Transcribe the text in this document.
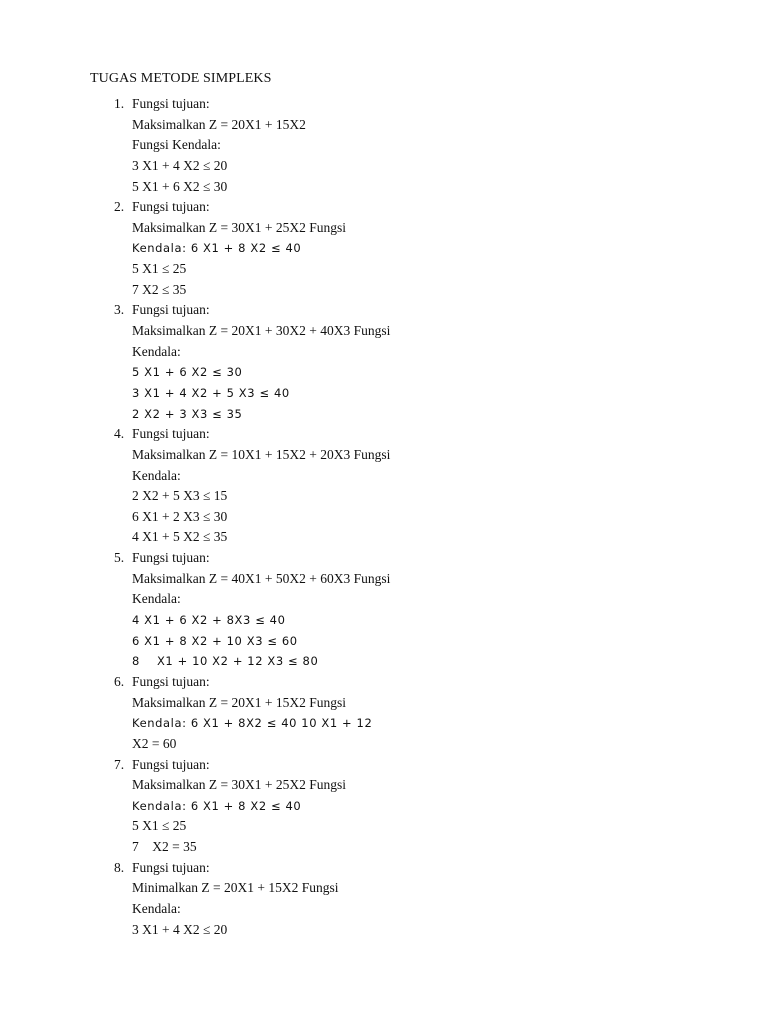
TUGAS METODE SIMPLEKS
1. Fungsi tujuan:
Maksimalkan Z = 20X1 + 15X2
Fungsi Kendala:
3 X1 + 4 X2 ≤ 20
5 X1 + 6 X2 ≤ 30
2. Fungsi tujuan:
Maksimalkan Z = 30X1 + 25X2 Fungsi
Kendala: 6 X1 + 8 X2 ≤ 40
5 X1 ≤ 25
7 X2 ≤ 35
3. Fungsi tujuan:
Maksimalkan Z = 20X1 + 30X2 + 40X3 Fungsi
Kendala:
5 X1 + 6 X2 ≤ 30
3 X1 + 4 X2 + 5 X3 ≤ 40
2 X2 + 3 X3 ≤ 35
4. Fungsi tujuan:
Maksimalkan Z = 10X1 + 15X2 + 20X3 Fungsi
Kendala:
2 X2 + 5 X3 ≤ 15
6 X1 + 2 X3 ≤ 30
4 X1 + 5 X2 ≤ 35
5. Fungsi tujuan:
Maksimalkan Z = 40X1 + 50X2 + 60X3 Fungsi
Kendala:
4 X1 + 6 X2 + 8X3 ≤ 40
6 X1 + 8 X2 + 10 X3 ≤ 60
8    X1 + 10 X2 + 12 X3 ≤ 80
6. Fungsi tujuan:
Maksimalkan Z = 20X1 + 15X2 Fungsi
Kendala: 6 X1 + 8X2 ≤ 40 10 X1 + 12
X2 = 60
7. Fungsi tujuan:
Maksimalkan Z = 30X1 + 25X2 Fungsi
Kendala: 6 X1 + 8 X2 ≤ 40
5 X1 ≤ 25
7    X2 = 35
8. Fungsi tujuan:
Minimalkan Z = 20X1 + 15X2 Fungsi
Kendala:
3 X1 + 4 X2 ≤ 20
